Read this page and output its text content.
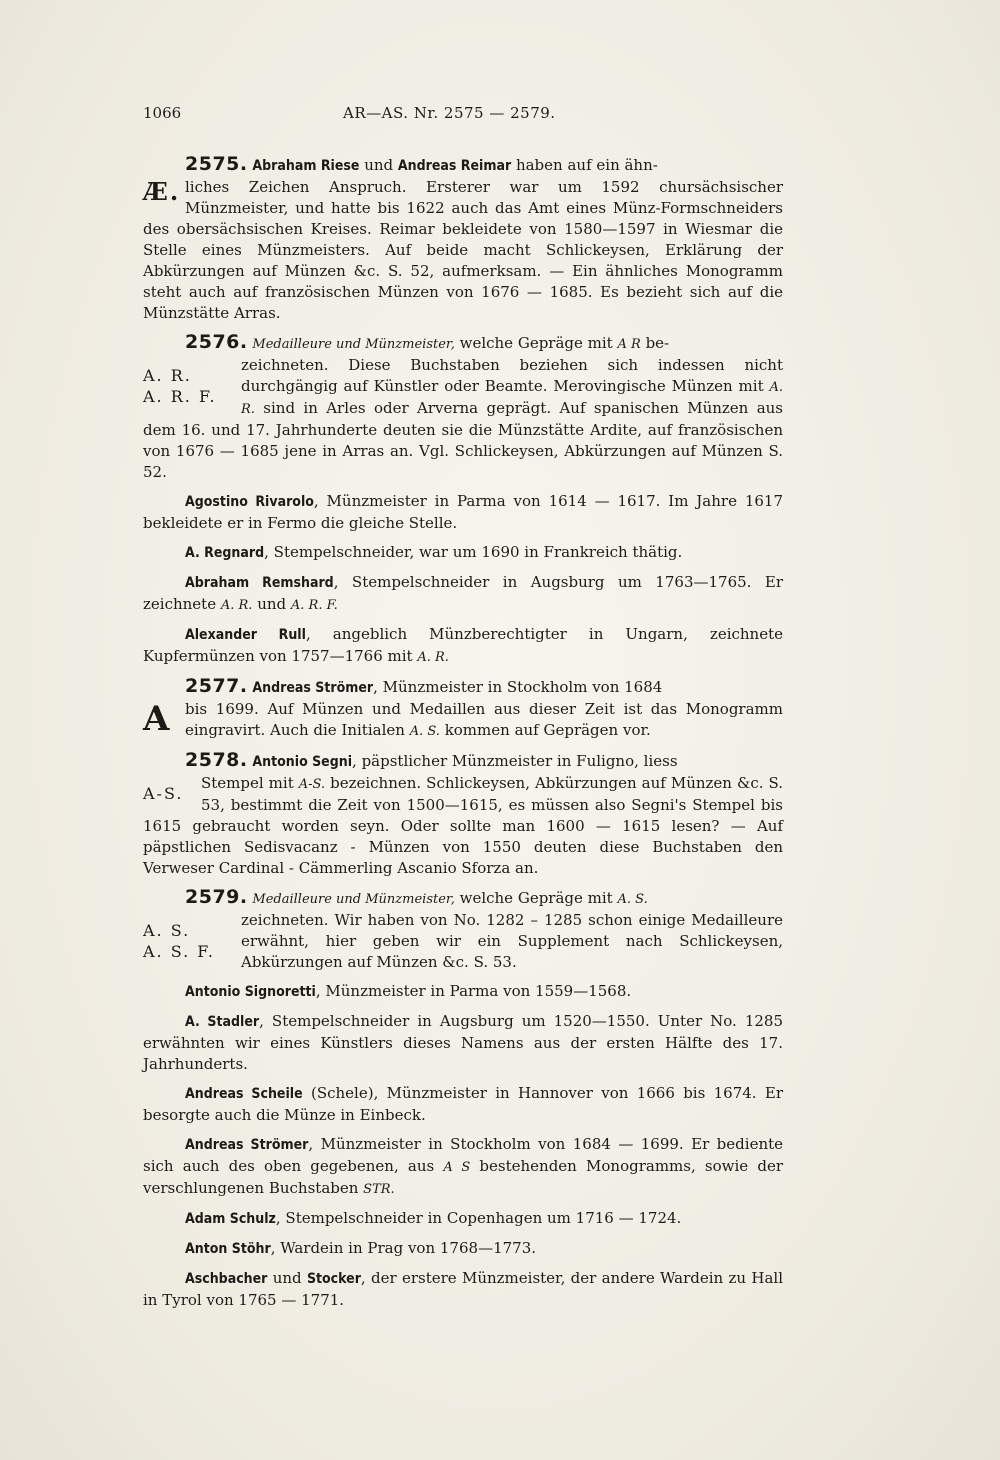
1066	AR—AS. Nr. 2575 — 2579.
2575. Abraham Riese und Andreas Reimar haben auf ein ähn-
Æ. liches Zeichen Anspruch. Ersterer war um 1592 chursächsischer Münzmeister, und hatte bis 1622 auch das Amt eines Münz-Formschneiders des obersächsischen Kreises. Reimar bekleidete von 1580—1597 in Wiesmar die Stelle eines Münzmeisters. Auf beide macht Schlickeysen, Erklärung der Abkürzungen auf Münzen &c. S. 52, aufmerksam. — Ein ähnliches Monogramm steht auch auf französischen Münzen von 1676 — 1685. Es bezieht sich auf die Münzstätte Arras.
2576. Medailleure und Münzmeister, welche Gepräge mit A R be-
A. R.
A. R. F.
zeichneten. Diese Buchstaben beziehen sich indessen nicht durchgängig auf Künstler oder Beamte. Merovingische Münzen mit A. R. sind in Arles oder Arverna geprägt. Auf spanischen Münzen aus dem 16. und 17. Jahrhunderte deuten sie die Münzstätte Ardite, auf französischen von 1676 — 1685 jene in Arras an. Vgl. Schlickeysen, Abkürzungen auf Münzen S. 52.
Agostino Rivarolo, Münzmeister in Parma von 1614 — 1617. Im Jahre 1617 bekleidete er in Fermo die gleiche Stelle.
A. Regnard, Stempelschneider, war um 1690 in Frankreich thätig.
Abraham Remshard, Stempelschneider in Augsburg um 1763—1765. Er zeichnete A. R. und A. R. F.
Alexander Rull, angeblich Münzberechtigter in Ungarn, zeichnete Kupfermünzen von 1757—1766 mit A. R.
2577. Andreas Strömer, Münzmeister in Stockholm von 1684
A bis 1699. Auf Münzen und Medaillen aus dieser Zeit ist das Monogramm eingravirt. Auch die Initialen A. S. kommen auf Geprägen vor.
2578. Antonio Segni, päpstlicher Münzmeister in Fuligno, liess
A-S.
Stempel mit A-S. bezeichnen. Schlickeysen, Abkürzungen auf Münzen &c. S. 53, bestimmt die Zeit von 1500—1615, es müssen also Segni's Stempel bis 1615 gebraucht worden seyn. Oder sollte man 1600 — 1615 lesen? — Auf päpstlichen Sedisvacanz - Münzen von 1550 deuten diese Buchstaben den Verweser Cardinal - Cämmerling Ascanio Sforza an.
2579. Medailleure und Münzmeister, welche Gepräge mit A. S.
A. S.
A. S. F.
zeichneten. Wir haben von No. 1282 – 1285 schon einige Medailleure erwähnt, hier geben wir ein Supplement nach Schlickeysen, Abkürzungen auf Münzen &c. S. 53.
Antonio Signoretti, Münzmeister in Parma von 1559—1568.
A. Stadler, Stempelschneider in Augsburg um 1520—1550. Unter No. 1285 erwähnten wir eines Künstlers dieses Namens aus der ersten Hälfte des 17. Jahrhunderts.
Andreas Scheile (Schele), Münzmeister in Hannover von 1666 bis 1674. Er besorgte auch die Münze in Einbeck.
Andreas Strömer, Münzmeister in Stockholm von 1684 — 1699. Er bediente sich auch des oben gegebenen, aus A S bestehenden Monogramms, sowie der verschlungenen Buchstaben STR.
Adam Schulz, Stempelschneider in Copenhagen um 1716 — 1724.
Anton Stöhr, Wardein in Prag von 1768—1773.
Aschbacher und Stocker, der erstere Münzmeister, der andere Wardein zu Hall in Tyrol von 1765 — 1771.
